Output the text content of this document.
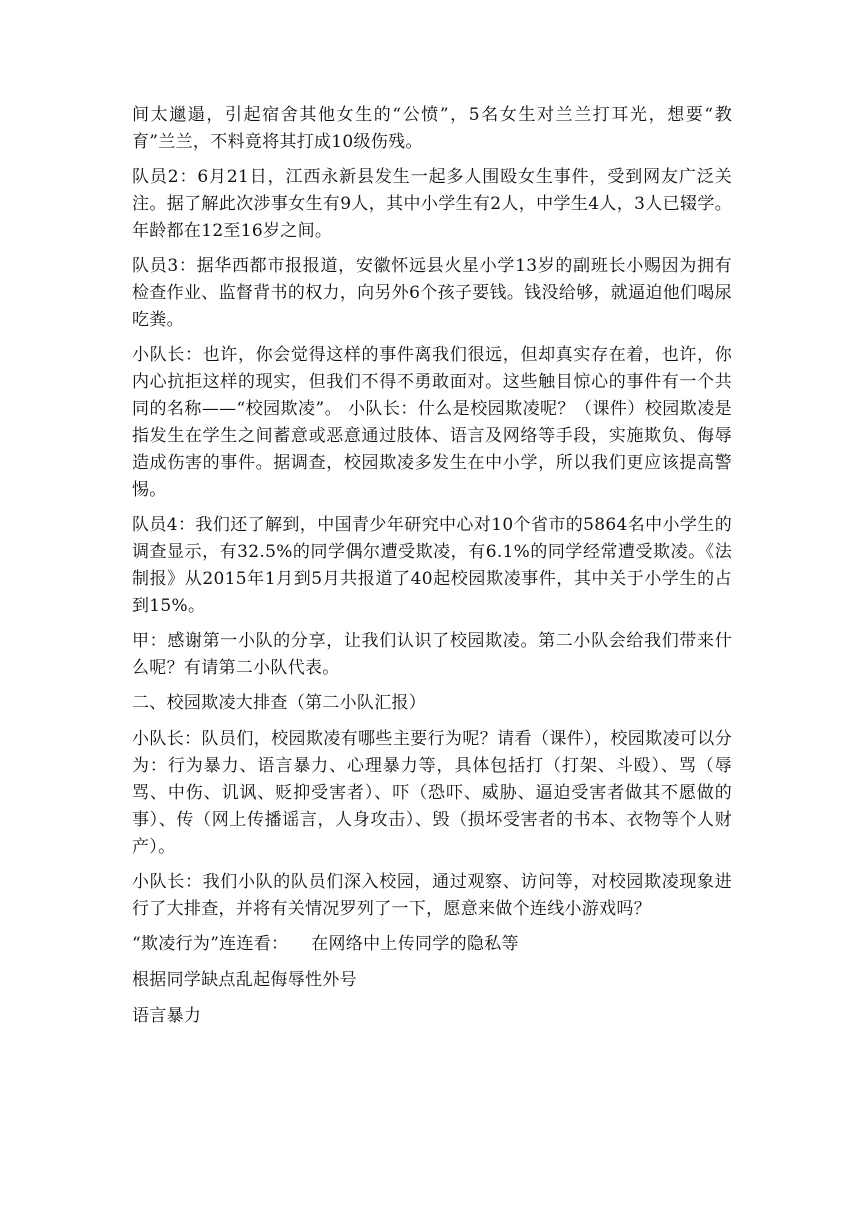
间太邋遢，引起宿舍其他女生的“公愤”，5名女生对兰兰打耳光，想要“教育”兰兰，不料竟将其打成10级伤残。

队员2：6月21日，江西永新县发生一起多人围殴女生事件，受到网友广泛关注。据了解此次涉事女生有9人，其中小学生有2人，中学生4人，3人已辍学。年龄都在12至16岁之间。

队员3：据华西都市报报道，安徽怀远县火星小学13岁的副班长小赐因为拥有检查作业、监督背书的权力，向另外6个孩子要钱。钱没给够，就逼迫他们喝尿吃粪。

小队长：也许，你会觉得这样的事件离我们很远，但却真实存在着，也许，你内心抗拒这样的现实，但我们不得不勇敢面对。这些触目惊心的事件有一个共同的名称——“校园欺凌”。 小队长：什么是校园欺凌呢？（课件）校园欺凌是指发生在学生之间蓄意或恶意通过肢体、语言及网络等手段，实施欺负、侮辱造成伤害的事件。据调查，校园欺凌多发生在中小学，所以我们更应该提高警惕。

队员4：我们还了解到，中国青少年研究中心对10个省市的5864名中小学生的调查显示，有32.5%的同学偶尔遭受欺凌，有6.1%的同学经常遭受欺凌。《法制报》从2015年1月到5月共报道了40起校园欺凌事件，其中关于小学生的占到15%。

甲：感谢第一小队的分享，让我们认识了校园欺凌。第二小队会给我们带来什么呢？有请第二小队代表。

二、校园欺凌大排查（第二小队汇报）

小队长：队员们，校园欺凌有哪些主要行为呢？请看（课件），校园欺凌可以分为：行为暴力、语言暴力、心理暴力等，具体包括打（打架、斗殴）、骂（辱骂、中伤、讥讽、贬抑受害者）、吓（恐吓、威胁、逼迫受害者做其不愿做的事）、传（网上传播谣言，人身攻击）、毁（损坏受害者的书本、衣物等个人财产）。

小队长：我们小队的队员们深入校园，通过观察、访问等，对校园欺凌现象进行了大排查，并将有关情况罗列了一下，愿意来做个连线小游戏吗？

“欺凌行为”连连看：    在网络中上传同学的隐私等

根据同学缺点乱起侮辱性外号

语言暴力
